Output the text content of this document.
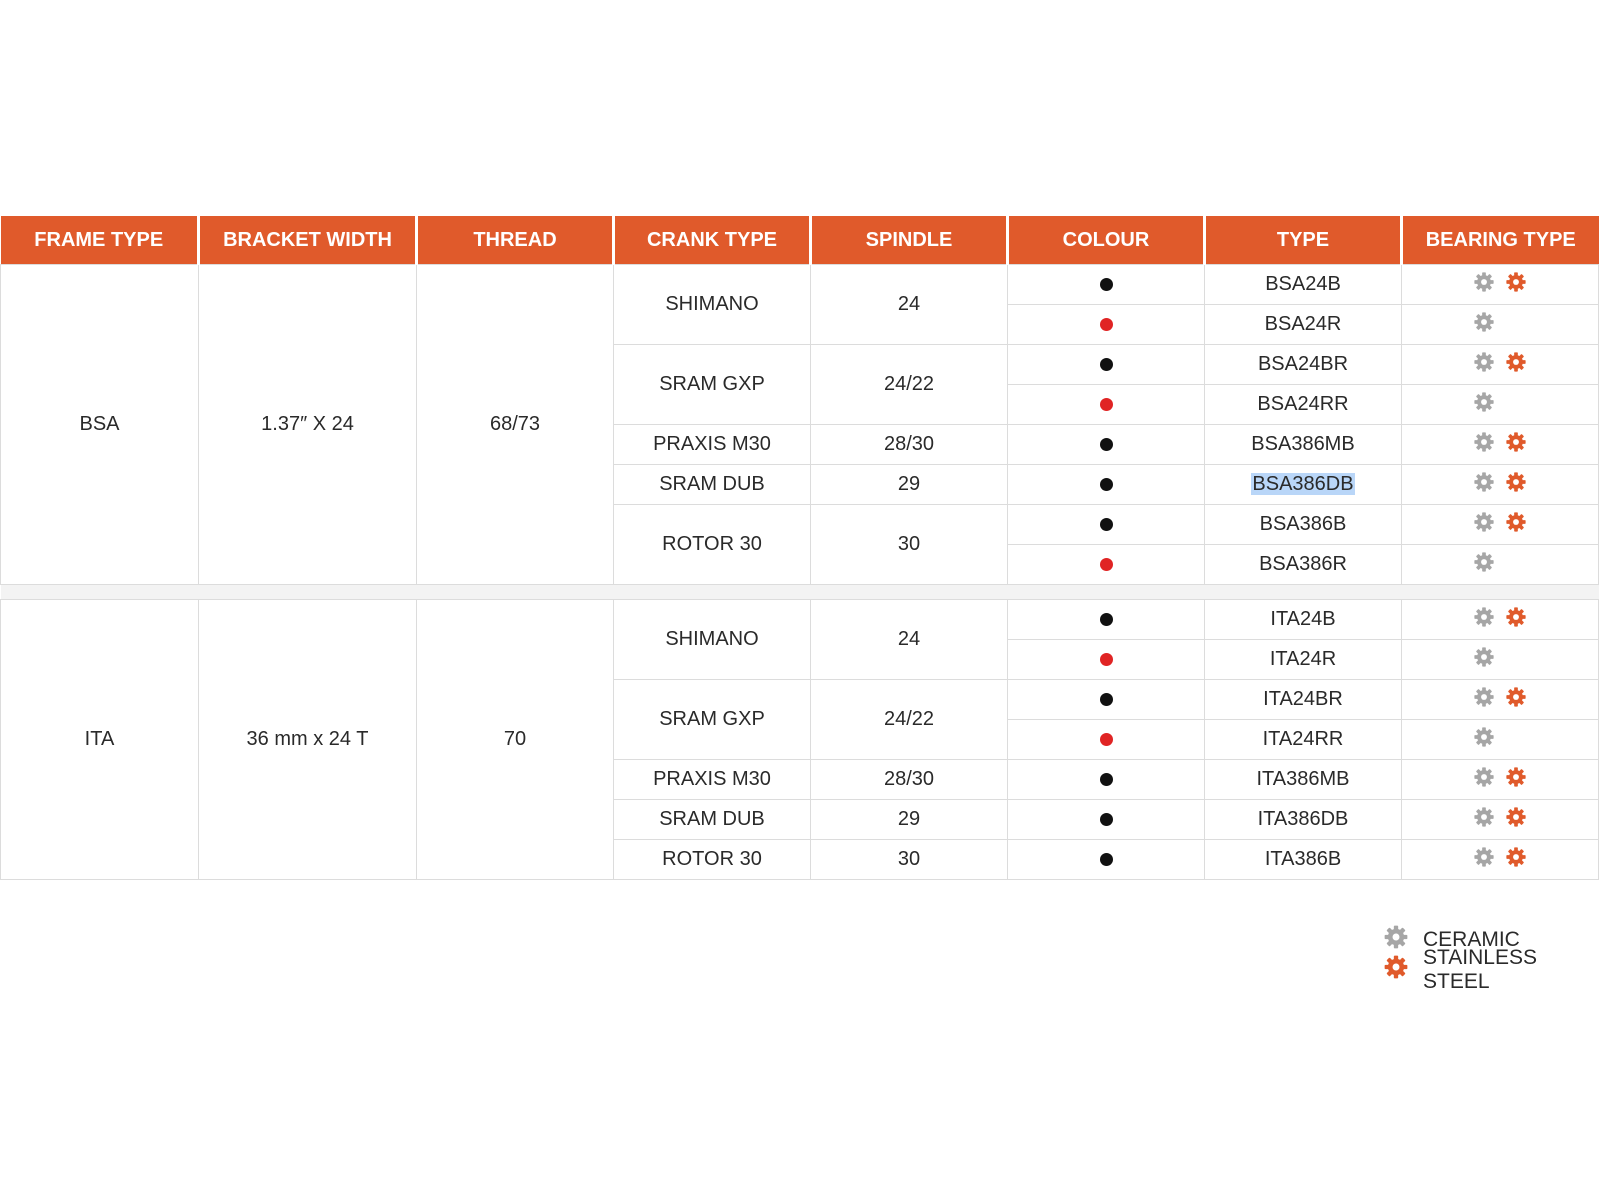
FRAME TYPE	BRACKET WIDTH	THREAD	CRANK TYPE	SPINDLE	COLOUR	TYPE	BEARING TYPE
BSA	1.37″ X 24	68/73	SHIMANO	24		BSA24B	

						BSA24R	

			SRAM GXP	24/22		BSA24BR	

						BSA24RR	

			PRAXIS M30	28/30		BSA386MB	

			SRAM DUB	29		BSA386DB	

			ROTOR 30	30		BSA386B	

						BSA386R	

ITA	36 mm x 24 T	70	SHIMANO	24		ITA24B	

						ITA24R	

			SRAM GXP	24/22		ITA24BR	

						ITA24RR	

			PRAXIS M30	28/30		ITA386MB	

			SRAM DUB	29		ITA386DB	

			ROTOR 30	30		ITA386B	
CERAMIC
STAINLESS STEEL
